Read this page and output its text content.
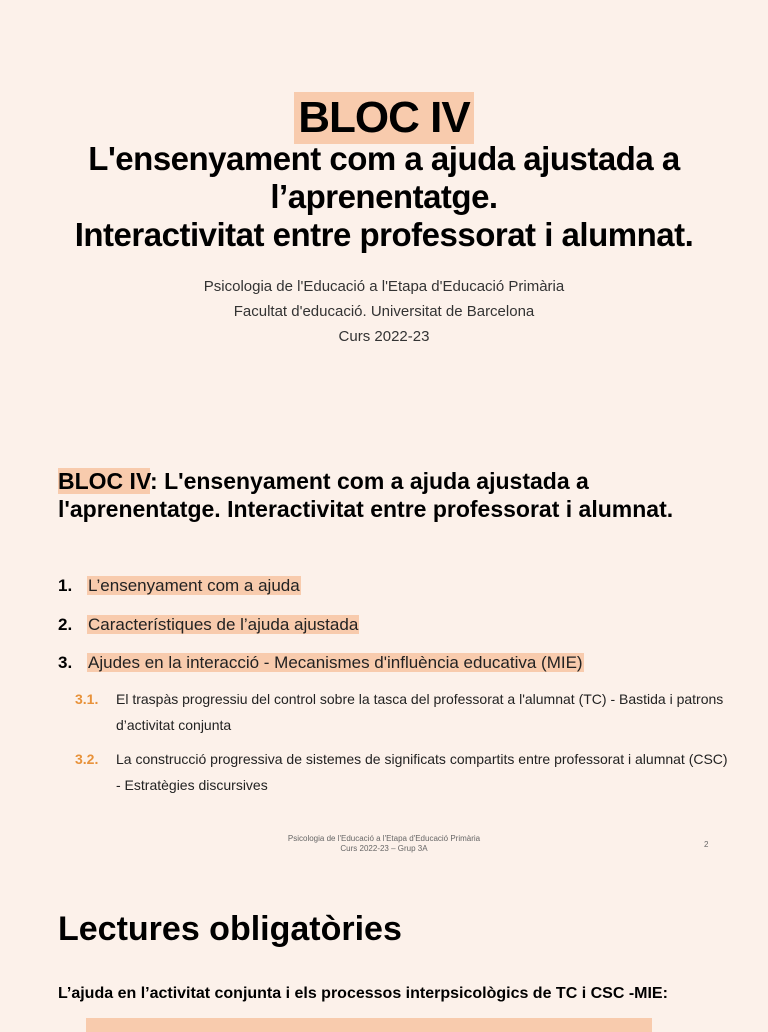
BLOC IV
L'ensenyament com a ajuda ajustada a
l’aprenentatge.
Interactivitat entre professorat i alumnat.
Psicologia de l'Educació a l'Etapa d'Educació Primària
Facultat d'educació. Universitat de Barcelona
Curs 2022-23
BLOC IV: L'ensenyament com a ajuda ajustada a l'aprenentatge. Interactivitat entre professorat i alumnat.
1. L’ensenyament com a ajuda
2. Característiques de l’ajuda ajustada
3. Ajudes en la interacció - Mecanismes d'influència educativa (MIE)
3.1. El traspàs progressiu del control sobre la tasca del professorat a l'alumnat (TC) - Bastida i patrons d’activitat conjunta
3.2. La construcció progressiva de sistemes de significats compartits entre professorat i alumnat (CSC) - Estratègies discursives
Psicologia de l'Educació a l'Etapa d'Educació Primària
Curs 2022-23 – Grup 3A	2
Lectures obligatòries
L’ajuda en l’activitat conjunta i els processos interpsicològics de TC i CSC -MIE:
